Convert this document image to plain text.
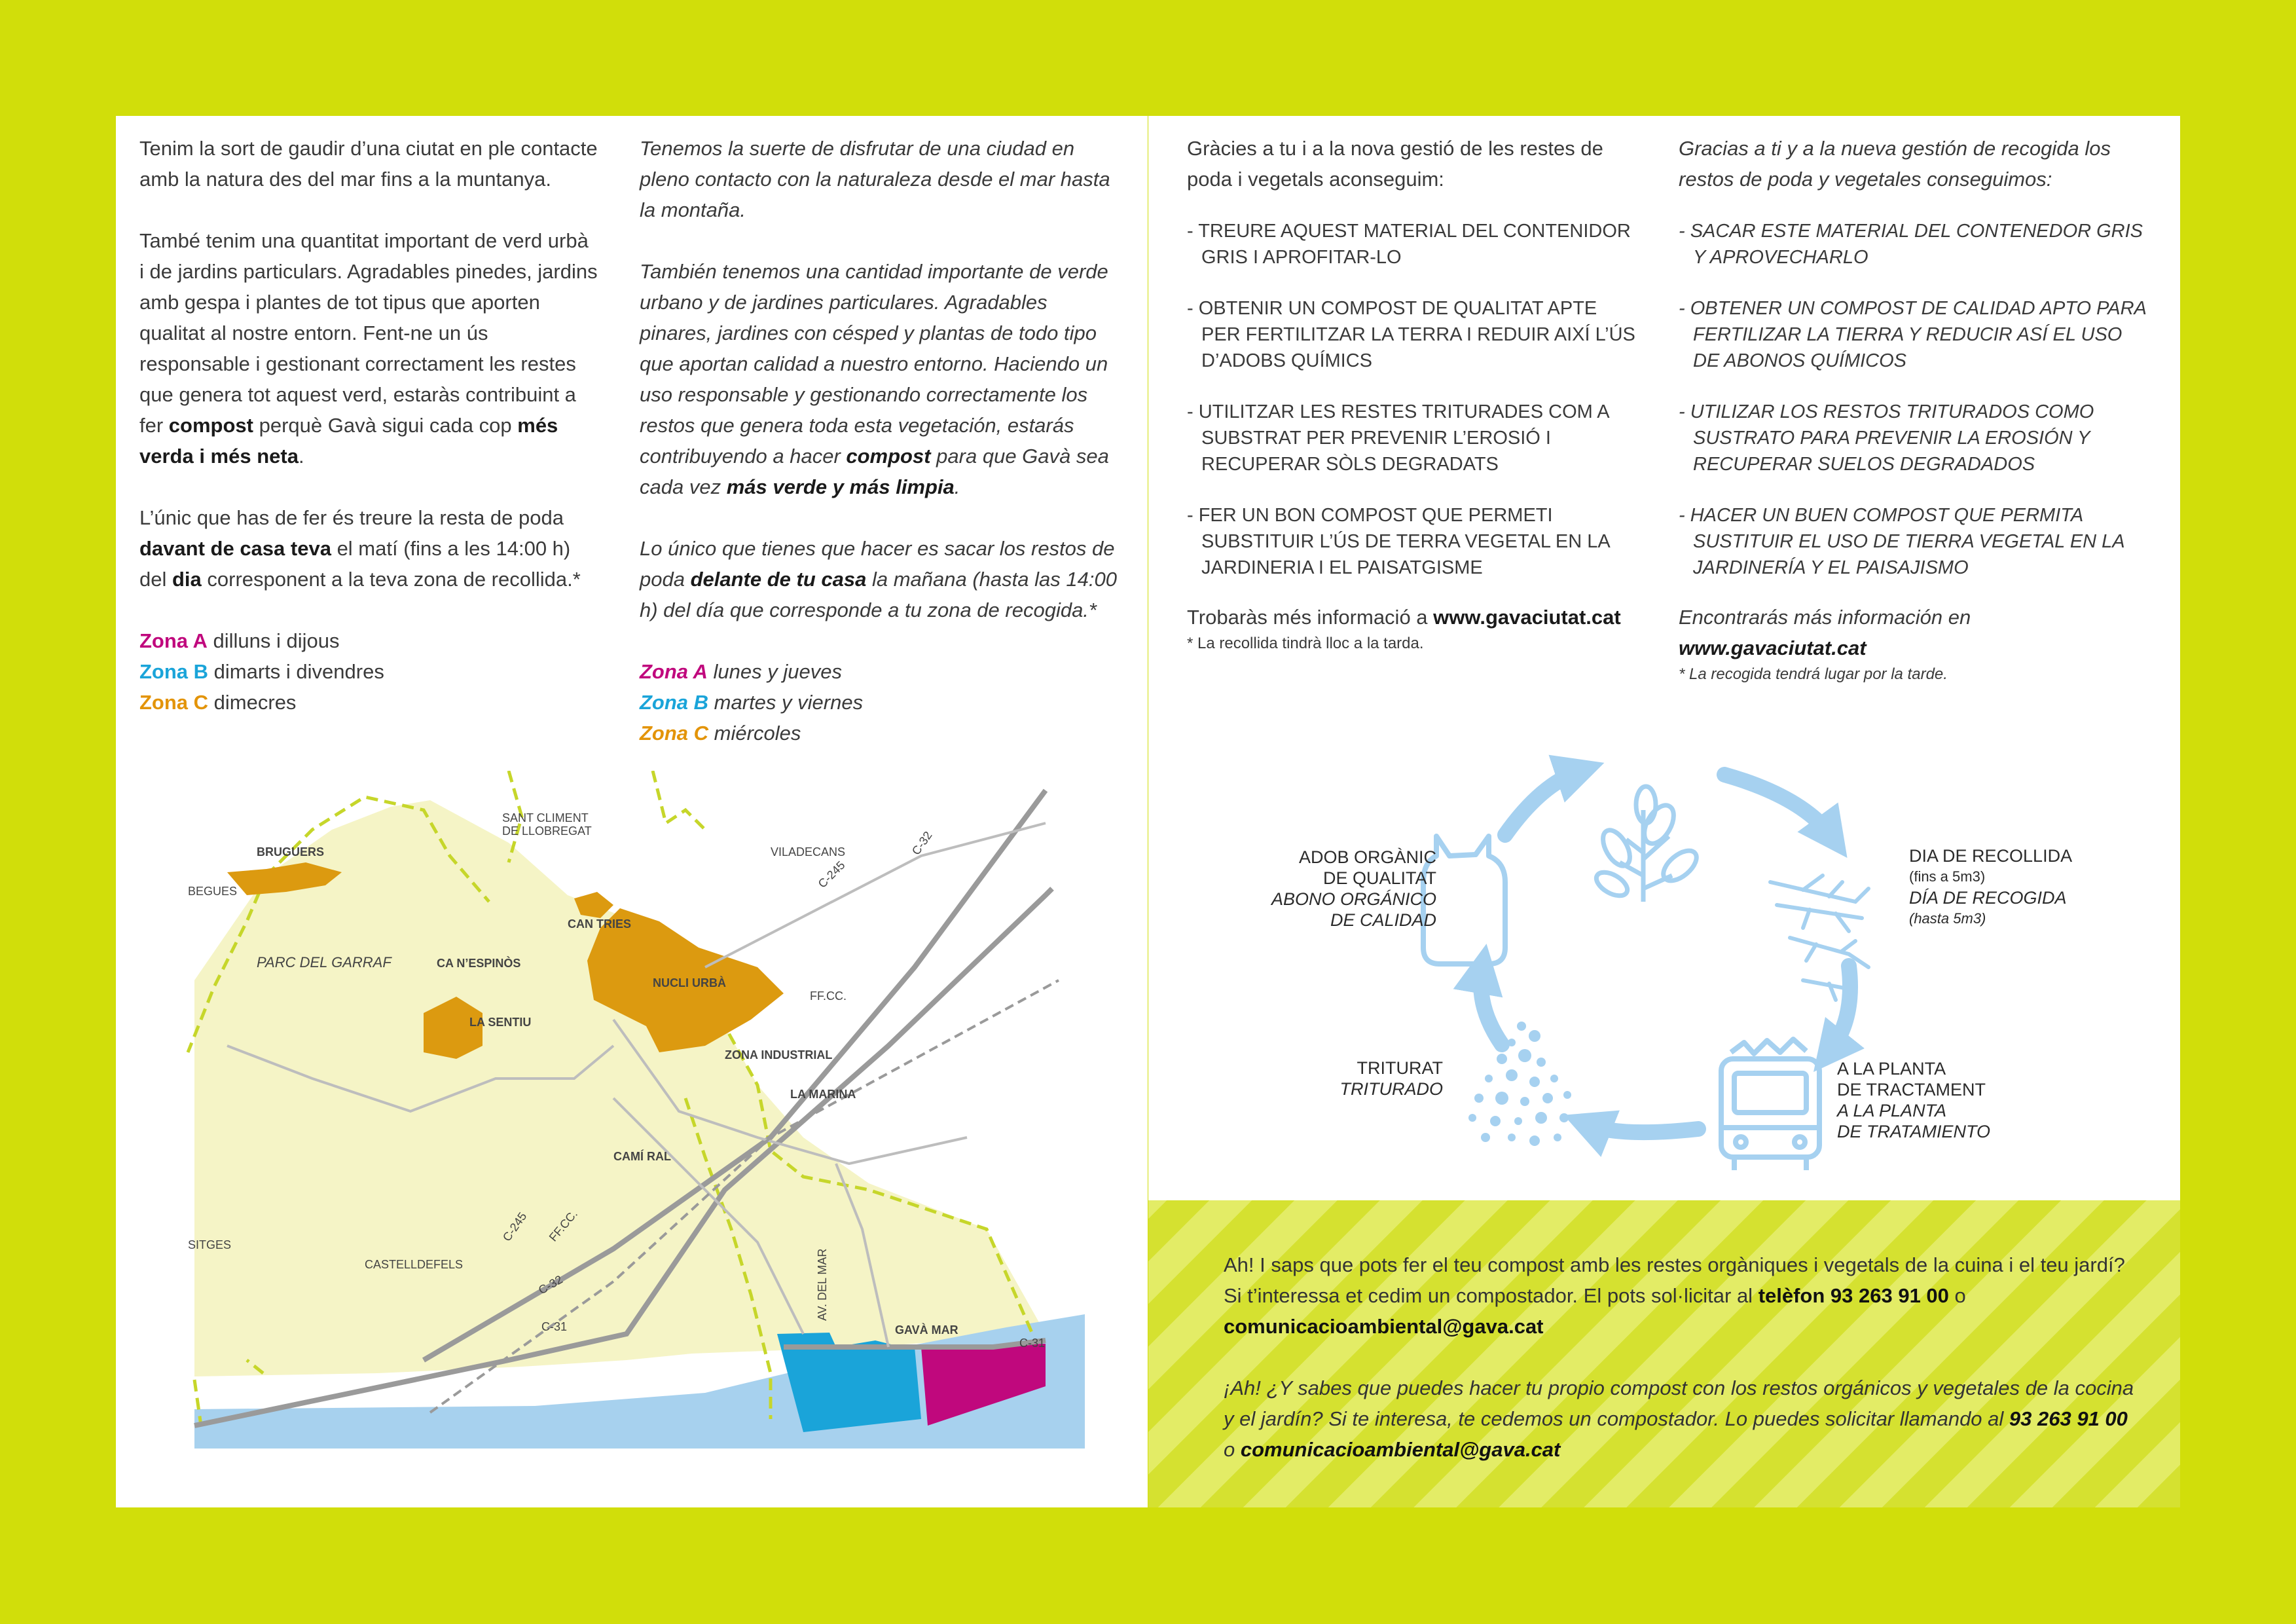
Tenim la sort de gaudir d’una ciutat en ple contacte amb la natura des del mar fins a la muntanya.

També tenim una quantitat important de verd urbà i de jardins particulars. Agradables pinedes, jardins amb gespa i plantes de tot tipus que aporten qualitat al nostre entorn. Fent-ne un ús responsable i gestionant correctament les restes que genera tot aquest verd, estaràs contribuint a fer compost perquè Gavà sigui cada cop més verda i més neta.

L’únic que has de fer és treure la resta de poda davant de casa teva el matí (fins a les 14:00 h) del dia corresponent a la teva zona de recollida.*

Zona A dilluns i dijous

Zona B dimarts i divendres

Zona C dimecres

Tenemos la suerte de disfrutar de una ciudad en pleno contacto con la naturaleza desde el mar hasta la montaña.

También tenemos una cantidad importante de verde urbano y de jardines particulares. Agradables pinares, jardines con césped y plantas de todo tipo que aportan calidad a nuestro entorno. Haciendo un uso responsable y gestionando correctamente los restos que genera toda esta vegetación, estarás contribuyendo a hacer compost para que Gavà sea cada vez más verde y más limpia.

Lo único que tienes que hacer es sacar los restos de poda delante de tu casa la mañana (hasta las 14:00 h) del día que corresponde a tu zona de recogida.*

Zona A lunes y jueves

Zona B martes y viernes

Zona C miércoles

SANT CLIMENT
DE LLOBREGAT
BEGUES
VILADECANS
BRUGUERS
CAN TRIES
PARC DEL GARRAF	CA N’ESPINÒS
NUCLI URBÀ
LA SENTIU
FF.CC.
ZONA INDUSTRIAL
LA MARINA
CAMÍ RAL
C-245
C-32
C-245 FF.CC.
C-32
SITGES
CASTELLDEFELS	AV. DEL MAR
GAVÀ MAR
C-31
C-31

Gràcies a tu i a la nova gestió de les restes de poda i vegetals aconseguim:

- TREURE AQUEST MATERIAL DEL CONTENIDOR GRIS I APROFITAR-LO
- OBTENIR UN COMPOST DE QUALITAT APTE PER FERTILITZAR LA TERRA I REDUIR AIXÍ L’ÚS D’ADOBS QUÍMICS
- UTILITZAR LES RESTES TRITURADES COM A SUBSTRAT PER PREVENIR L’EROSIÓ I RECUPERAR SÒLS DEGRADATS
- FER UN BON COMPOST QUE PERMETI SUBSTITUIR L’ÚS DE TERRA VEGETAL EN LA JARDINERIA I EL PAISATGISME
Trobaràs més informació a www.gavaciutat.cat
* La recollida tindrà lloc a la tarda.

Gracias a ti y a la nueva gestión de recogida los restos de poda y vegetales conseguimos:

- SACAR ESTE MATERIAL DEL CONTENEDOR GRIS Y APROVECHARLO
- OBTENER UN COMPOST DE CALIDAD APTO PARA FERTILIZAR LA TIERRA Y REDUCIR ASÍ EL USO DE ABONOS QUÍMICOS
- UTILIZAR LOS RESTOS TRITURADOS COMO SUSTRATO PARA PREVENIR LA EROSIÓN Y RECUPERAR SUELOS DEGRADADOS
- HACER UN BUEN COMPOST QUE PERMITA SUSTITUIR EL USO DE TIERRA VEGETAL EN LA JARDINERÍA Y EL PAISAJISMO
Encontrarás más información en www.gavaciutat.cat
* La recogida tendrá lugar por la tarde.
ADOB ORGÀNIC
DE QUALITAT
ABONO ORGÁNICO
DE CALIDAD
DIA DE RECOLLIDA
(fins a 5m3)
DÍA DE RECOGIDA
(hasta 5m3)
A LA PLANTA
DE TRACTAMENT
A LA PLANTA
DE TRATAMIENTO
TRITURAT
TRITURADO

Ah! I saps que pots fer el teu compost amb les restes orgàniques i vegetals de la cuina i el teu jardí? Si t’interessa et cedim un compostador. El pots sol·licitar al telèfon 93 263 91 00 o comunicacioambiental@gava.cat

¡Ah! ¿Y sabes que puedes hacer tu propio compost con los restos orgánicos y vegetales de la cocina y el jardín? Si te interesa, te cedemos un compostador. Lo puedes solicitar llamando al 93 263 91 00 o comunicacioambiental@gava.cat
